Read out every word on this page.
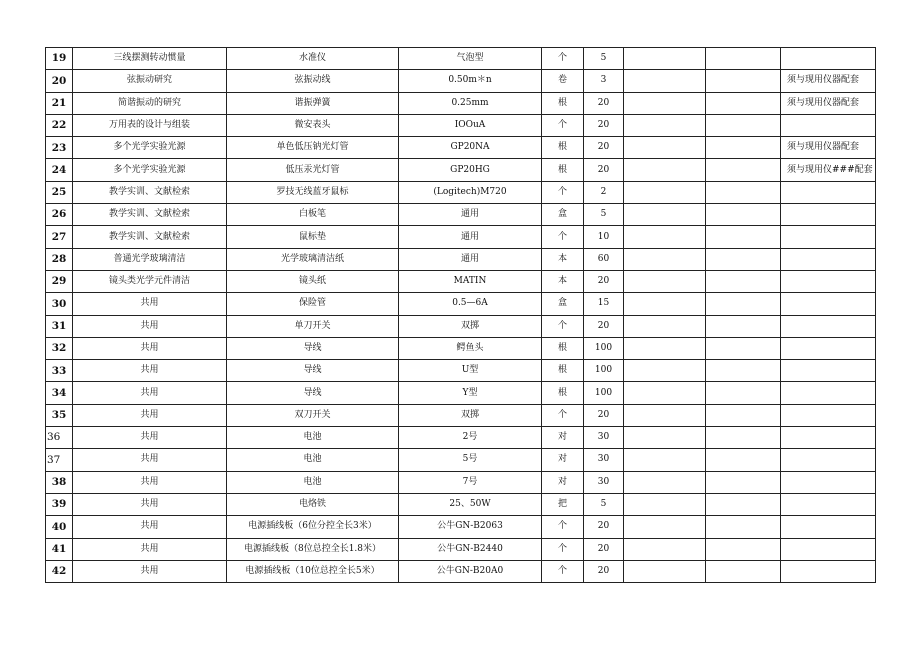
19	三线摆测转动惯量	水准仪	气泡型	个	5			
20	弦振动研究	弦振动线	0.50m＊n	卷	3			须与现用仪器配套
21	简谐振动的研究	谐振弹簧	0.25mm	根	20			须与现用仪器配套
22	万用表的设计与组装	微安表头	IOOuA	个	20			
23	多个光学实验光源	单色低压钠光灯管	GP20NA	根	20			须与现用仪器配套
24	多个光学实验光源	低压汞光灯管	GP20HG	根	20			须与现用仪###配套
25	教学实训、文献检索	罗技无线蓝牙鼠标	(Logitech)M720	个	2			
26	教学实训、文献检索	白板笔	通用	盒	5			
27	教学实训、文献检索	鼠标垫	通用	个	10			
28	普通光学玻璃清洁	光学玻璃清洁纸	通用	本	60			
29	镜头类光学元件清洁	镜头纸	MATIN	本	20			
30	共用	保险管	0.5—6A	盒	15			
31	共用	单刀开关	双掷	个	20			
32	共用	导线	鳄鱼头	根	100			
33	共用	导线	U型	根	100			
34	共用	导线	Y型	根	100			
35	共用	双刀开关	双掷	个	20			
36	共用	电池	2号	对	30			
37	共用	电池	5号	对	30			
38	共用	电池	7号	对	30			
39	共用	电烙铁	25、50W	把	5			
40	共用	电源插线板（6位分控全长3米）	公牛GN-B2063	个	20			
41	共用	电源插线板（8位总控全长1.8米）	公牛GN-B2440	个	20			
42	共用	电源插线板（10位总控全长5米）	公牛GN-B20A0	个	20			
